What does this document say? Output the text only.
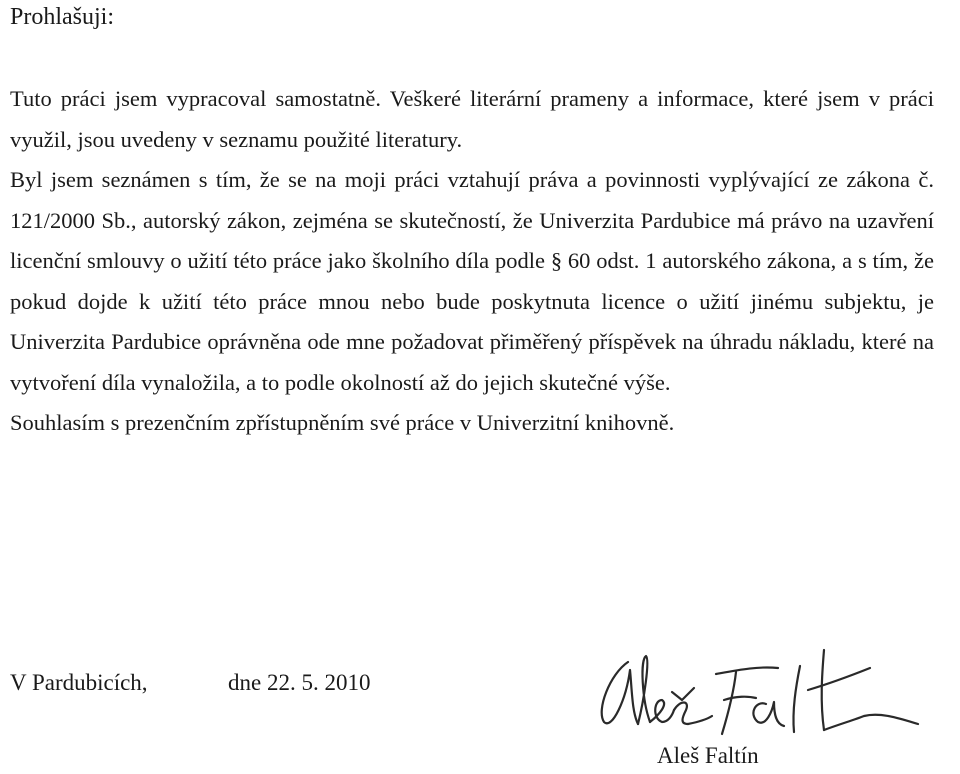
Prohlašuji:

Tuto práci jsem vypracoval samostatně. Veškeré literární prameny a informace, které jsem v práci využil, jsou uvedeny v seznamu použité literatury.

Byl jsem seznámen s tím, že se na moji práci vztahují práva a povinnosti vyplývající ze zákona č. 121/2000 Sb., autorský zákon, zejména se skutečností, že Univerzita Pardubice má právo na uzavření licenční smlouvy o užití této práce jako školního díla podle § 60 odst. 1 autorského zákona, a s tím, že pokud dojde k užití této práce mnou nebo bude poskytnuta licence o užití jinému subjektu, je Univerzita Pardubice oprávněna ode mne požadovat přiměřený příspěvek na úhradu nákladu, které na vytvoření díla vynaložila, a to podle okolností až do jejich skutečné výše.

Souhlasím s prezenčním zpřístupněním své práce v Univerzitní knihovně.

V Pardubicích,	dne 22. 5. 2010
Aleš Faltín
